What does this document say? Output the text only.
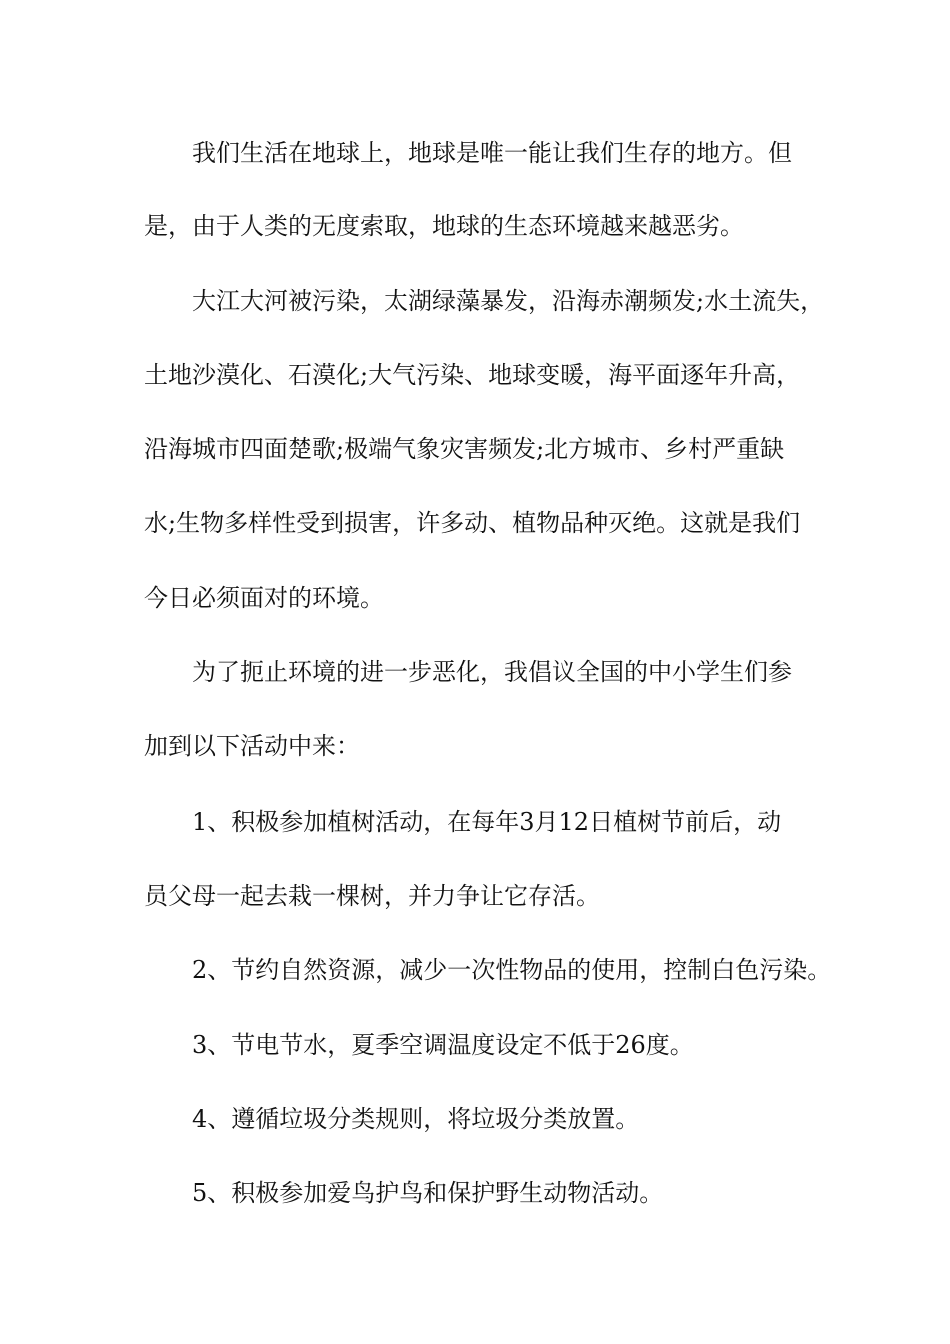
我们生活在地球上，地球是唯一能让我们生存的地方。但
是，由于人类的无度索取，地球的生态环境越来越恶劣。
大江大河被污染，太湖绿藻暴发，沿海赤潮频发;水土流失，
土地沙漠化、石漠化;大气污染、地球变暖，海平面逐年升高，
沿海城市四面楚歌;极端气象灾害频发;北方城市、乡村严重缺
水;生物多样性受到损害，许多动、植物品种灭绝。这就是我们
今日必须面对的环境。
为了扼止环境的进一步恶化，我倡议全国的中小学生们参
加到以下活动中来：
1、积极参加植树活动，在每年3月12日植树节前后，动
员父母一起去栽一棵树，并力争让它存活。
2、节约自然资源，减少一次性物品的使用，控制白色污染。
3、节电节水，夏季空调温度设定不低于26度。
4、遵循垃圾分类规则，将垃圾分类放置。
5、积极参加爱鸟护鸟和保护野生动物活动。
